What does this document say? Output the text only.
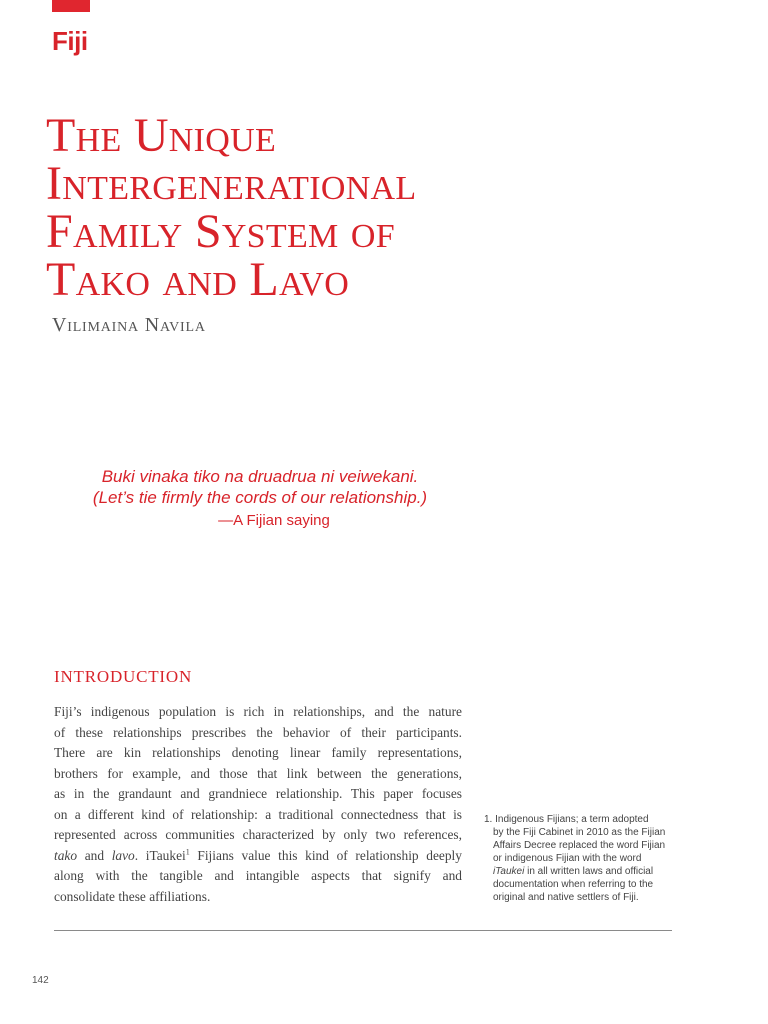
Fiji
The Unique
Intergenerational
Family System of
Tako and Lavo
Vilimaina Navila
Buki vinaka tiko na druadrua ni veiwekani.
(Let’s tie firmly the cords of our relationship.)
—A Fijian saying
INTRODUCTION

Fiji’s indigenous population is rich in relationships, and the nature
of these relationships prescribes the behavior of their participants.
There are kin relationships denoting linear family representations,
brothers for example, and those that link between the generations,
as in the grandaunt and grandniece relationship. This paper focuses
on a different kind of relationship: a traditional connectedness that is
represented across communities characterized by only two references,
tako and lavo. iTaukei$^1$ Fijians value this kind of relationship deeply
along with the tangible and intangible aspects that signify and
consolidate these affiliations.

1. Indigenous Fijians; a term adopted
by the Fiji Cabinet in 2010 as the Fijian
Affairs Decree replaced the word Fijian
or indigenous Fijian with the word
iTaukei in all written laws and official
documentation when referring to the
original and native settlers of Fiji.
142
